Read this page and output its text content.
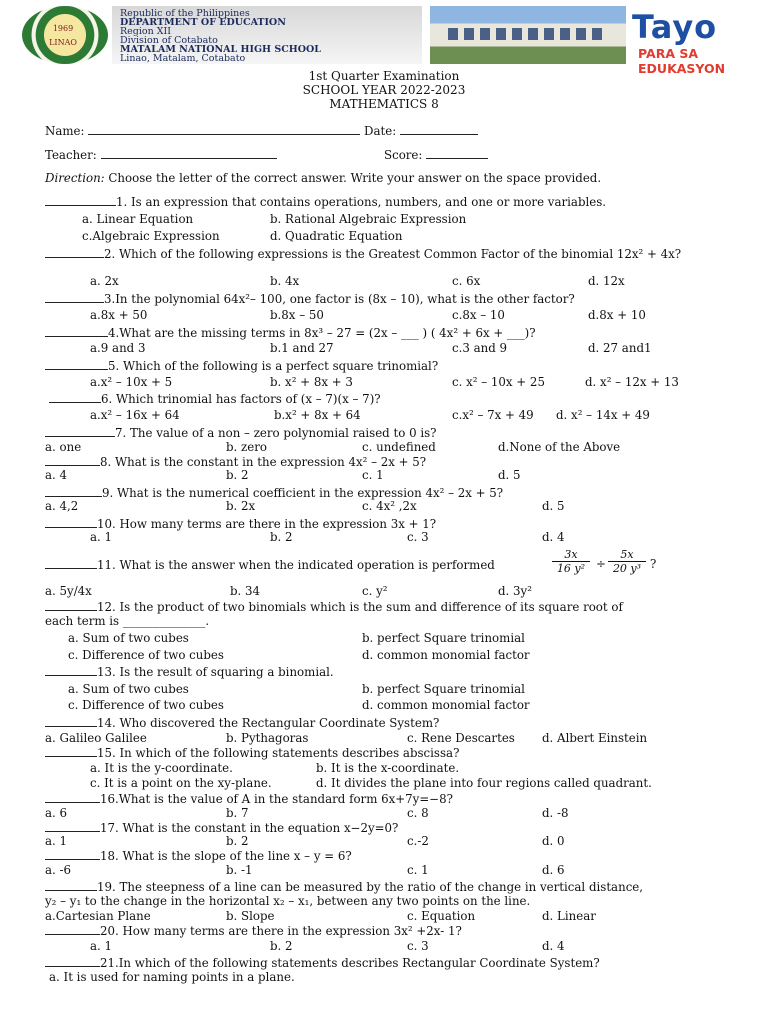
1969
LINAO
Republic of the Philippines
DEPARTMENT OF EDUCATION
Region XII
Division of Cotabato
MATALAM NATIONAL HIGH SCHOOL
Linao, Matalam, Cotabato
Tayo
PARA SA EDUKASYON
1st Quarter Examination
SCHOOL YEAR 2022-2023
MATHEMATICS 8
Name:	Date:
Teacher:	Score:
Direction: Choose the letter of the correct answer. Write your answer on the space provided.
1. Is an expression that contains operations, numbers, and one or more variables.
a. Linear Equation	b. Rational Algebraic Expression
c.Algebraic Expression	d. Quadratic Equation
2. Which of the following expressions is the Greatest Common Factor of the binomial 12x² + 4x?
a. 2x	b. 4x	c. 6x	d. 12x
3.In the polynomial 64x²– 100, one factor is (8x – 10), what is the other factor?
a.8x + 50	b.8x – 50	c.8x – 10	d.8x + 10
4.What are the missing terms in 8x³ – 27 = (2x – ___ ) ( 4x² + 6x + ___)?
a.9 and 3	b.1 and 27	c.3 and 9	d. 27 and1
5. Which of the following is a perfect square trinomial?
a.x² – 10x + 5	b. x² + 8x + 3	c. x² – 10x + 25	d. x² – 12x + 13
6. Which trinomial has factors of (x – 7)(x – 7)?
a.x² – 16x + 64	b.x² + 8x + 64	c.x² – 7x + 49 d. x² – 14x + 49
7. The value of a non – zero polynomial raised to 0 is?
a. one	b. zero	c. undefined	d.None of the Above
8. What is the constant in the expression 4x² – 2x + 5?
a. 4	b. 2	c. 1	d. 5
9. What is the numerical coefficient in the expression 4x² – 2x + 5?
a. 4,2	b. 2x	c. 4x² ,2x	d. 5
10. How many terms are there in the expression 3x + 1?
a. 1	b. 2	c. 3	d. 4
11. What is the answer when the indicated operation is performed	$\frac{3x}{\text{16 y²}} \div \frac{5x}{\text{20 y³}}$ ?
a. 5y/4x	b. 34	c. y²	d. 3y²
12. Is the product of two binomials which is the sum and difference of its square root of
each term is ______________.
a. Sum of two cubes	b. perfect Square trinomial
c. Difference of two cubes	d. common monomial factor
13. Is the result of squaring a binomial.
a. Sum of two cubes	b. perfect Square trinomial
c. Difference of two cubes	d. common monomial factor
14. Who discovered the Rectangular Coordinate System?
a. Galileo Galilee	b. Pythagoras	c. Rene Descartes d. Albert Einstein
15. In which of the following statements describes abscissa?
a. It is the y-coordinate.	b. It is the x-coordinate.
c. It is a point on the xy-plane.	d. It divides the plane into four regions called quadrant.
16.What is the value of A in the standard form 6x+7y=−8?
a. 6	b. 7	c. 8	d. -8
17. What is the constant in the equation x−2y=0?
a. 1	b. 2	c.-2	d. 0
18. What is the slope of the line x – y = 6?
a. -6	b. -1	c. 1	d. 6
19. The steepness of a line can be measured by the ratio of the change in vertical distance,
y₂ – y₁ to the change in the horizontal x₂ – x₁, between any two points on the line.
a.Cartesian Plane	b. Slope	c. Equation	d. Linear
20. How many terms are there in the expression 3x² +2x- 1?
a. 1	b. 2	c. 3	d. 4
21.In which of the following statements describes Rectangular Coordinate System?
a. It is used for naming points in a plane.
